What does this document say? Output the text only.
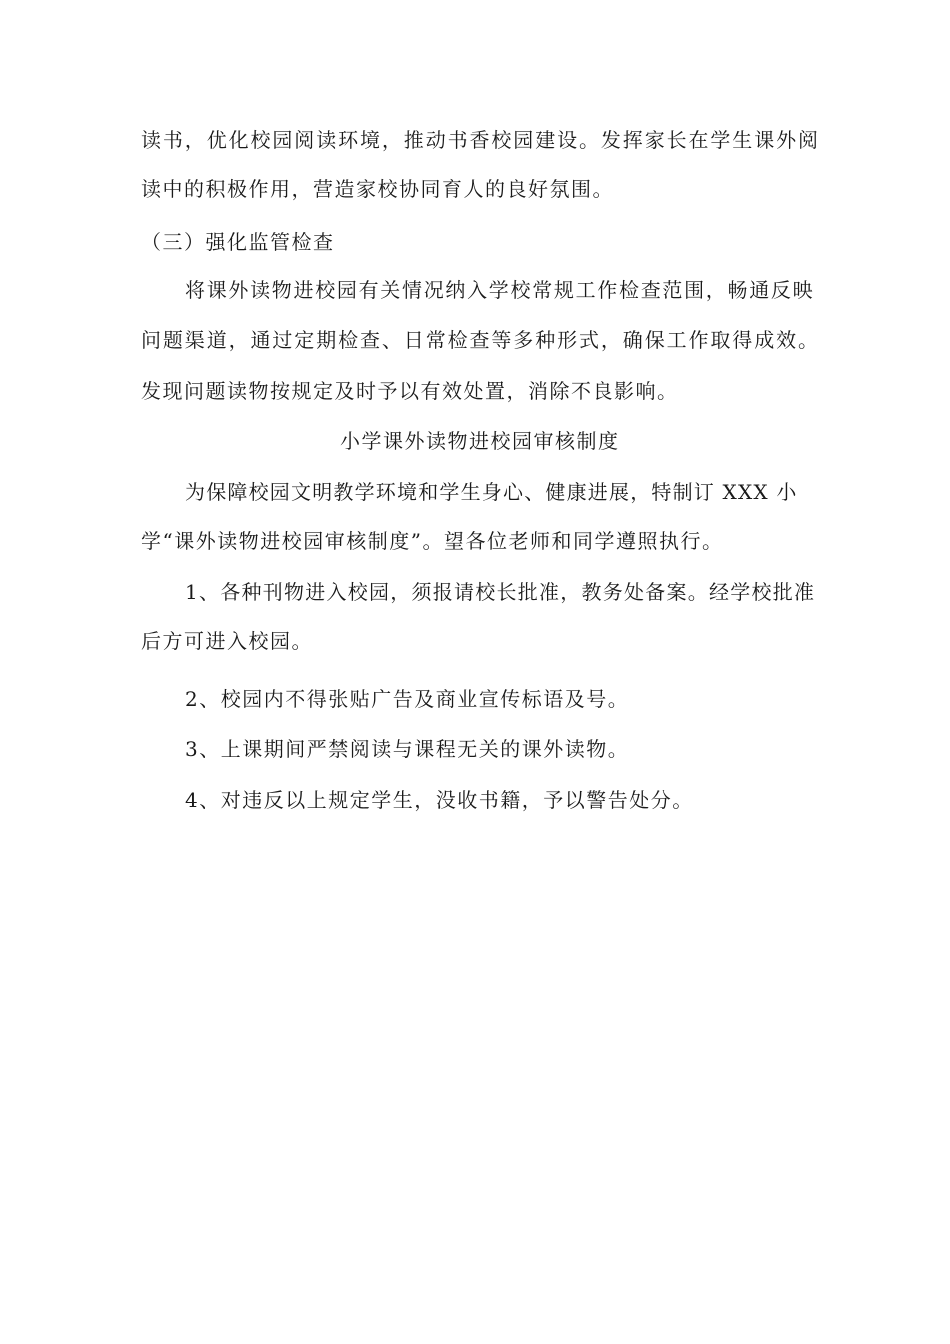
读书，优化校园阅读环境，推动书香校园建设。发挥家长在学生课外阅
读中的积极作用，营造家校协同育人的良好氛围。
（三）强化监管检查
将课外读物进校园有关情况纳入学校常规工作检查范围，畅通反映
问题渠道，通过定期检查、日常检查等多种形式，确保工作取得成效。
发现问题读物按规定及时予以有效处置，消除不良影响。
小学课外读物进校园审核制度
为保障校园文明教学环境和学生身心、健康进展，特制订 XXX 小
学“课外读物进校园审核制度”。望各位老师和同学遵照执行。
1、各种刊物进入校园，须报请校长批准，教务处备案。经学校批准
后方可进入校园。
2、校园内不得张贴广告及商业宣传标语及号。
3、上课期间严禁阅读与课程无关的课外读物。
4、对违反以上规定学生，没收书籍，予以警告处分。
